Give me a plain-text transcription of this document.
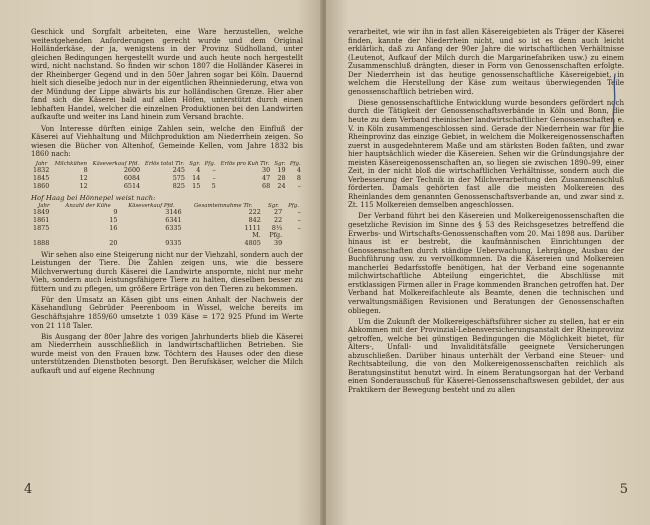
Geschick und Sorgfalt arbeiteten, eine Ware herzustellen, welche weitestgehenden Anforderungen gerecht wurde und dem Original Holländerkäse, der ja, wenigstens in der Provinz Südholland, unter gleichen Bedingungen hergestellt wurde und auch heute noch hergestellt wird, nicht nachstand. So finden wir schon 1807 die Holländer Käserei in der Rheinberger Gegend und in den 50er Jahren sogar bei Köln. Dauernd hielt sich dieselbe jedoch nur in der eigentlichen Rheinniederung, etwa von der Mündung der Lippe abwärts bis zur holländischen Grenze. Hier aber fand sich die Käserei bald auf allen Höfen, unterstützt durch einen lebhaften Handel, welcher die einzelnen Produktionen bei den Landwirten aufkaufte und weiter ins Land hinein zum Versand brachte.

Von Interesse dürften einige Zahlen sein, welche den Einfluß der Käserei auf Viehhaltung und Milchproduktion am Niederrhein zeigen. So wiesen die Bücher von Altenhof, Gemeinde Kellen, vom Jahre 1832 bis 1860 nach:

Jahr	Milchkühen	Käseverkauf Pfd.	Erlös total Tlr.	Sgr.	Pfg.	Erlös pro Kuh Tlr.	Sgr.	Pfg.
1832	8	2600	245	4	–	30	19	4
1845	12	6084	575	14	–	47	28	8
1860	12	6514	825	15	5	68	24	–

Hof Haag bei Hönnepel weist nach:

Jahr	Anzahl der Kühe	Käseverkauf Pfd.	Gesamteinnahme Tlr.	Sgr.	Pfg.
1849	9	3146	222	27	–
1861	15	6341	842	22	–
1875	16	6335	1111	8⅓	–
			M.	Pfg.	
1888	20	9335	4805	39	

Wir sehen also eine Steigerung nicht nur der Viehzahl, sondern auch der Leistungen der Tiere. Die Zahlen zeigen uns, wie die bessere Milchverwertung durch Käserei die Landwirte anspornte, nicht nur mehr Vieh, sondern auch leistungsfähigere Tiere zu halten, dieselben besser zu füttern und zu pflegen, um größere Erträge von den Tieren zu bekommen.

Für den Umsatz an Käsen gibt uns einen Anhalt der Nachweis der Käsehandlung Gebrüder Peerenboom in Wissel, welche bereits im Geschäftsjahre 1859/60 umsetzte 1 039 Käse = 172 925 Pfund im Werte von 21 118 Taler.

Bis Ausgang der 80er Jahre des vorigen Jahrhunderts blieb die Käserei am Niederrhein ausschließlich in landwirtschaftlichen Betrieben. Sie wurde meist von den Frauen bzw. Töchtern des Hauses oder den diese unterstützenden Dienstboten besorgt. Den Berufskäser, welcher die Milch aufkauft und auf eigene Rechnung

4

verarbeitet, wie wir ihn in fast allen Käsereigebieten als Träger der Käserei finden, kannte der Niederrhein nicht, und so ist es denn auch leicht erklärlich, daß zu Anfang der 90er Jahre die wirtschaftlichen Verhältnisse (Leutenot, Aufkauf der Milch durch die Margarinefabriken usw.) zu einem Zusammenschluß drängten, dieser in Form von Genossenschaften erfolgte. Der Niederrhein ist das heutige genossenschaftliche Käsereigebiet, in welchem die Herstellung der Käse zum weitaus überwiegenden Teile genossenschaftlich betrieben wird.

Diese genossenschaftliche Entwicklung wurde besonders gefördert noch durch die Tätigkeit der Genossenschaftsverbände in Köln und Bonn, die heute zu dem Verband rheinischer landwirtschaftlicher Genossenschaften e. V. in Köln zusammengeschlossen sind. Gerade der Niederrhein war für die Rheinprovinz das einzige Gebiet, in welchem die Molkereigenossenschaften zuerst in ausgedehnterem Maße und am stärksten Boden faßten, und zwar hier hauptsächlich wieder die Käsereien. Sehen wir die Gründungsjahre der meisten Käsereigenossenschaften an, so liegen sie zwischen 1890–99, einer Zeit, in der nicht bloß die wirtschaftlichen Verhältnisse, sondern auch die Verbesserung der Technik in der Milchverarbeitung den Zusammenschluß förderten. Damals gehörten fast alle die meisten Molkereien des Rheinlandes dem genannten Genossenschaftsverbande an, und zwar sind z. Zt. 115 Molkereien demselben angeschlossen.

Der Verband führt bei den Käsereien und Molkereigenossenschaften die gesetzliche Revision im Sinne des § 53 des Reichsgesetzes betreffend die Erwerbs- und Wirtschafts-Genossenschaften vom 20. Mai 1898 aus. Darüber hinaus ist er bestrebt, die kaufmännischen Einrichtungen der Genossenschaften durch ständige Ueberwachung, Lehrgänge, Ausbau der Buchführung usw. zu vervollkommnen. Da die Käsereien und Molkereien mancherlei Bedarfsstoffe benötigen, hat der Verband eine sogenannte milchwirtschaftliche Abteilung eingerichtet, die Abschlüsse mit erstklassigen Firmen aller in Frage kommenden Branchen getroffen hat. Der Verband hat Molkereifachleute als Beamte, denen die technischen und verwaltungsmäßigen Revisionen und Beratungen der Genossenschaften obliegen.

Um die Zukunft der Molkereigeschäftsführer sicher zu stellen, hat er ein Abkommen mit der Provinzial-Lebensversicherungsanstalt der Rheinprovinz getroffen, welche bei günstigen Bedingungen die Möglichkeit bietet, für Alters-, Unfall- und Invaliditätsfälle geeignete Versicherungen abzuschließen. Darüber hinaus unterhält der Verband eine Steuer- und Rechtsabteilung, die von den Molkereigenossenschaften reichlich als Beratungsinstitut benutzt wird. In einem Beratungsorgan hat der Verband einen Sonderausschuß für Käserei-Genossenschaftswesen gebildet, der aus Praktikern der Bewegung besteht und zu allen

5
